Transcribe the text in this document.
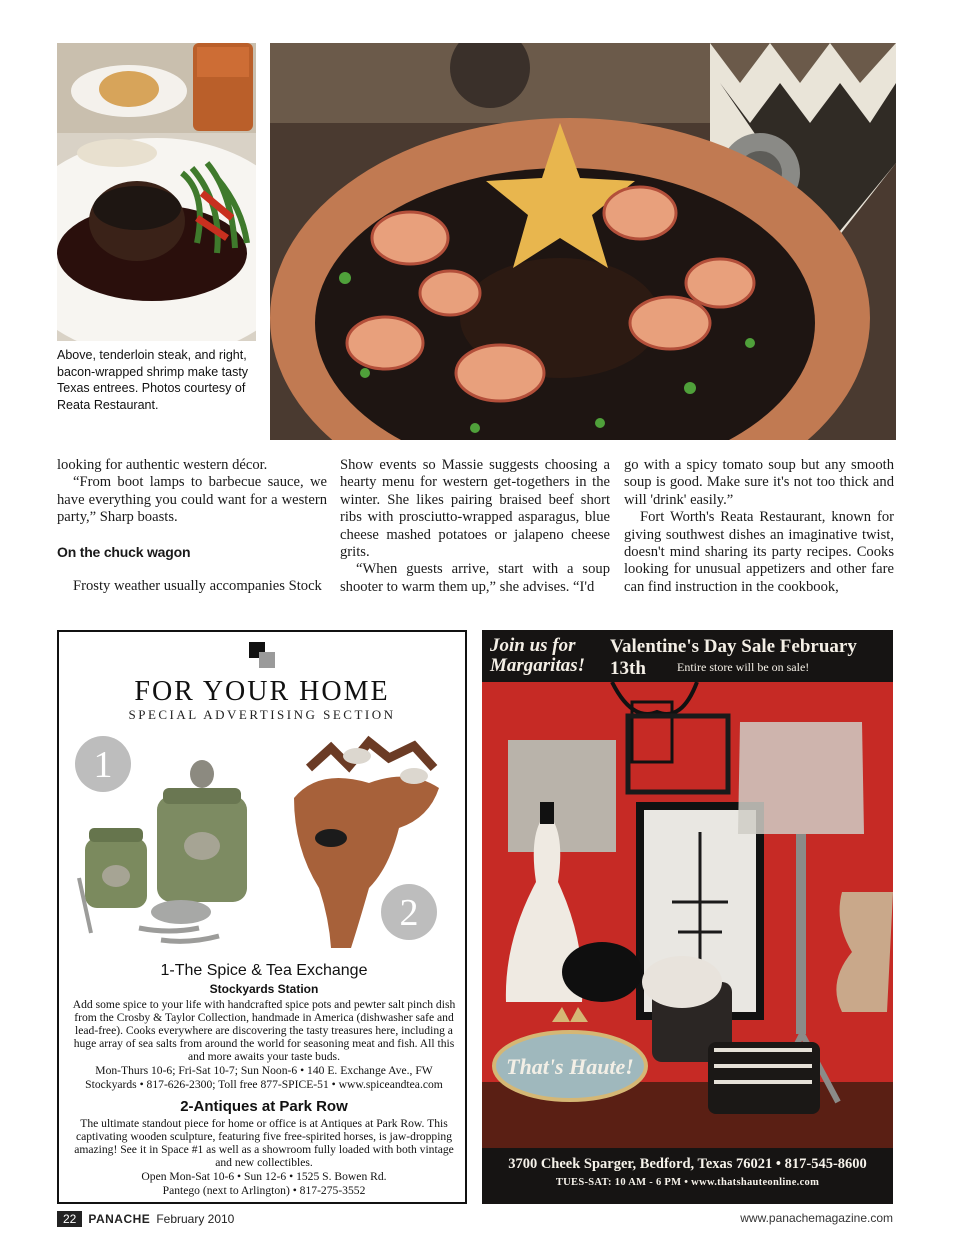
Above, tenderloin steak, and right, bacon-wrapped shrimp make tasty Texas entrees. Photos courtesy of Reata Restaurant.

looking for authentic western décor.

“From boot lamps to barbecue sauce, we have everything you could want for a western party,” Sharp boasts.

On the chuck wagon

Frosty weather usually accompanies Stock

Show events so Massie suggests choosing a hearty menu for western get-togethers in the winter. She likes pairing braised beef short ribs with prosciutto-wrapped asparagus, blue cheese mashed potatoes or jalapeno cheese grits.

“When guests arrive, start with a soup shooter to warm them up,” she advises. “I'd

go with a spicy tomato soup but any smooth soup is good. Make sure it's not too thick and will 'drink' easily.”

Fort Worth's Reata Restaurant, known for giving southwest dishes an imaginative twist, doesn't mind sharing its party recipes. Cooks looking for unusual appetizers and other fare can find instruction in the cookbook,

FOR YOUR HOME
SPECIAL ADVERTISING SECTION
1
2
1-The Spice & Tea Exchange
Stockyards Station
Add some spice to your life with handcrafted spice pots and pewter salt pinch dish from the Crosby & Taylor Collection, handmade in America (dishwasher safe and lead-free). Cooks everywhere are discovering the tasty treasures here, including a huge array of sea salts from around the world for seasoning meat and fish. All this and more awaits your taste buds.
Mon-Thurs 10-6; Fri-Sat 10-7; Sun Noon-6 • 140 E. Exchange Ave., FW
Stockyards • 817-626-2300; Toll free 877-SPICE-51 • www.spiceandtea.com
2-Antiques at Park Row
The ultimate standout piece for home or office is at Antiques at Park Row. This captivating wooden sculpture, featuring five free-spirited horses, is jaw-dropping amazing! See it in Space #1 as well as a showroom fully loaded with both vintage and new collectibles.
Open Mon-Sat 10-6 • Sun 12-6 • 1525 S. Bowen Rd.
Pantego (next to Arlington) • 817-275-3552
Join us for Margaritas!
Valentine's Day Sale February 13th	Entire store will be on sale!
That's Haute!
3700 Cheek Sparger, Bedford, Texas 76021 • 817-545-8600
TUES-SAT: 10 AM - 6 PM • www.thatshauteonline.com
22	PANACHE February 2010	www.panachemagazine.com
